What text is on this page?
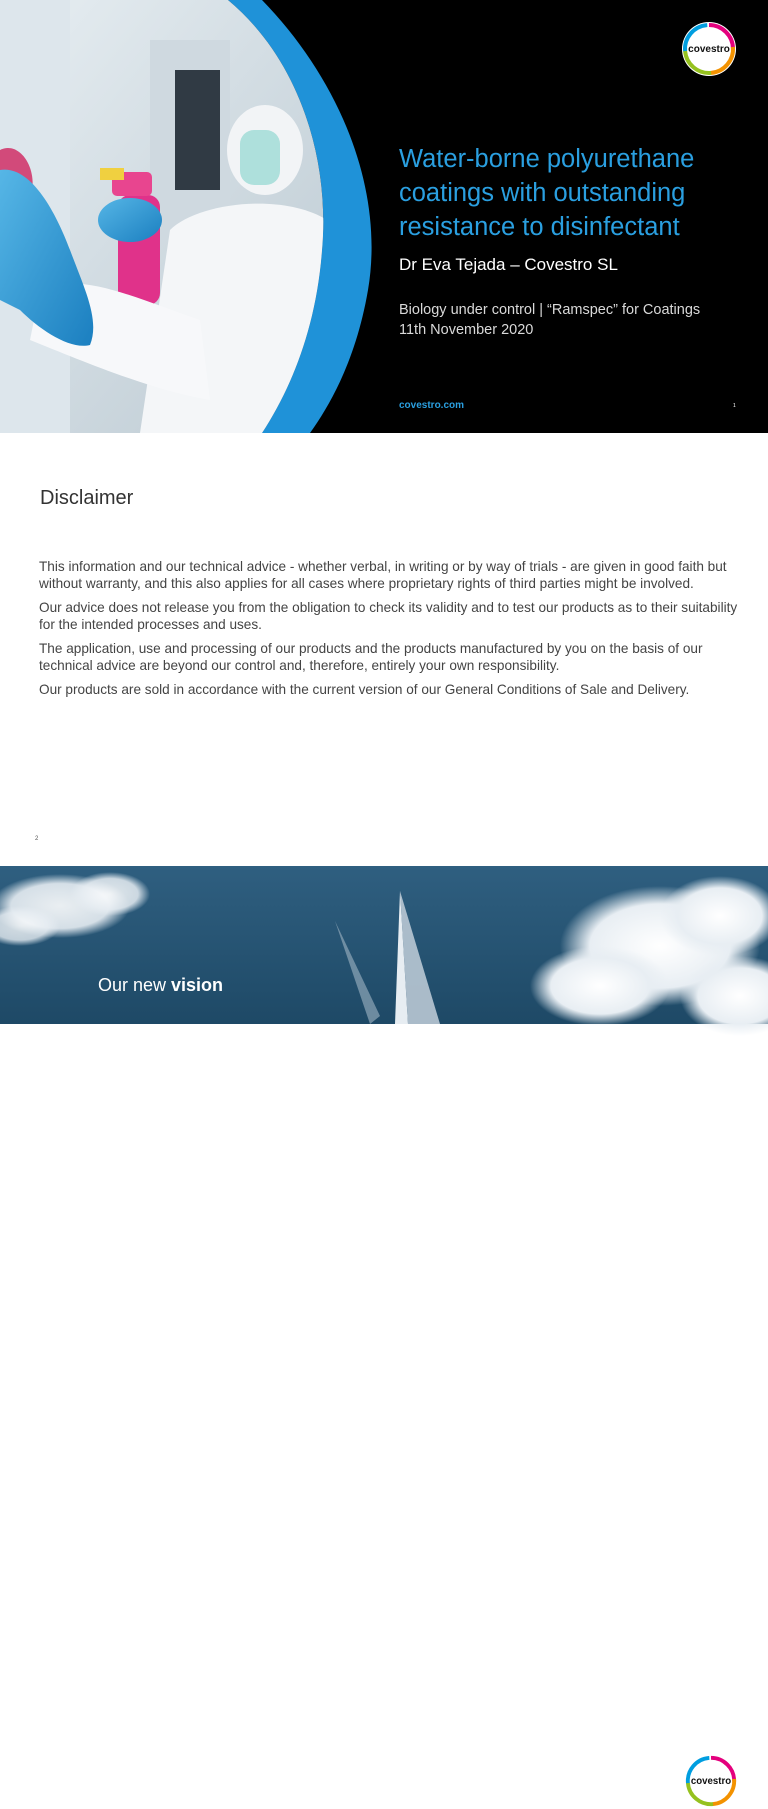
covestro
Water-borne polyurethane coatings with outstanding resistance to disinfectant
Dr Eva Tejada – Covestro SL
Biology under control | “Ramspec” for Coatings
11th November 2020
covestro.com	1
Disclaimer

This information and our technical advice - whether verbal, in writing or by way of trials - are given in good faith but without warranty, and this also applies for all cases where proprietary rights of third parties might be involved.

Our advice does not release you from the obligation to check its validity and to test our products as to their suitability for the intended processes and uses.

The application, use and processing of our products and the products manufactured by you on the basis of our technical advice are beyond our control and, therefore, entirely your own responsibility.

Our products are sold in accordance with the current version of our General Conditions of Sale and Delivery.

2
covestro
Our new vision
